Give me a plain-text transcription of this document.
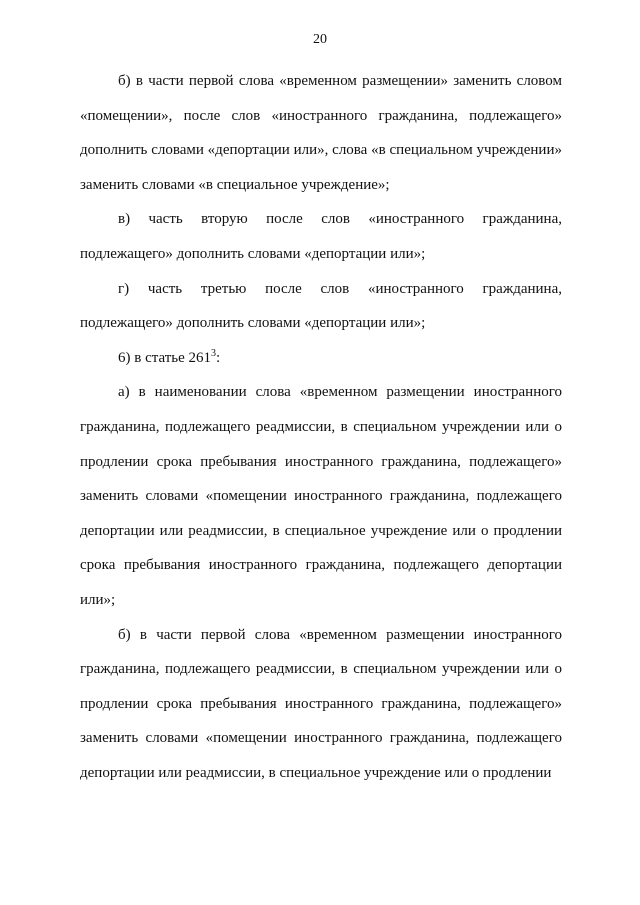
20

б) в части первой слова «временном размещении» заменить словом «помещении», после слов «иностранного гражданина, подлежащего» дополнить словами «депортации или», слова «в специальном учреждении» заменить словами «в специальное учреждение»;

в) часть вторую после слов «иностранного гражданина, подлежащего» дополнить словами «депортации или»;

г) часть третью после слов «иностранного гражданина, подлежащего» дополнить словами «депортации или»;

6) в статье $261^3$:

а) в наименовании слова «временном размещении иностранного гражданина, подлежащего реадмиссии, в специальном учреждении или о продлении срока пребывания иностранного гражданина, подлежащего» заменить словами «помещении иностранного гражданина, подлежащего депортации или реадмиссии, в специальное учреждение или о продлении срока пребывания иностранного гражданина, подлежащего депортации или»;

б) в части первой слова «временном размещении иностранного гражданина, подлежащего реадмиссии, в специальном учреждении или о продлении срока пребывания иностранного гражданина, подлежащего» заменить словами «помещении иностранного гражданина, подлежащего депортации или реадмиссии, в специальное учреждение или о продлении
